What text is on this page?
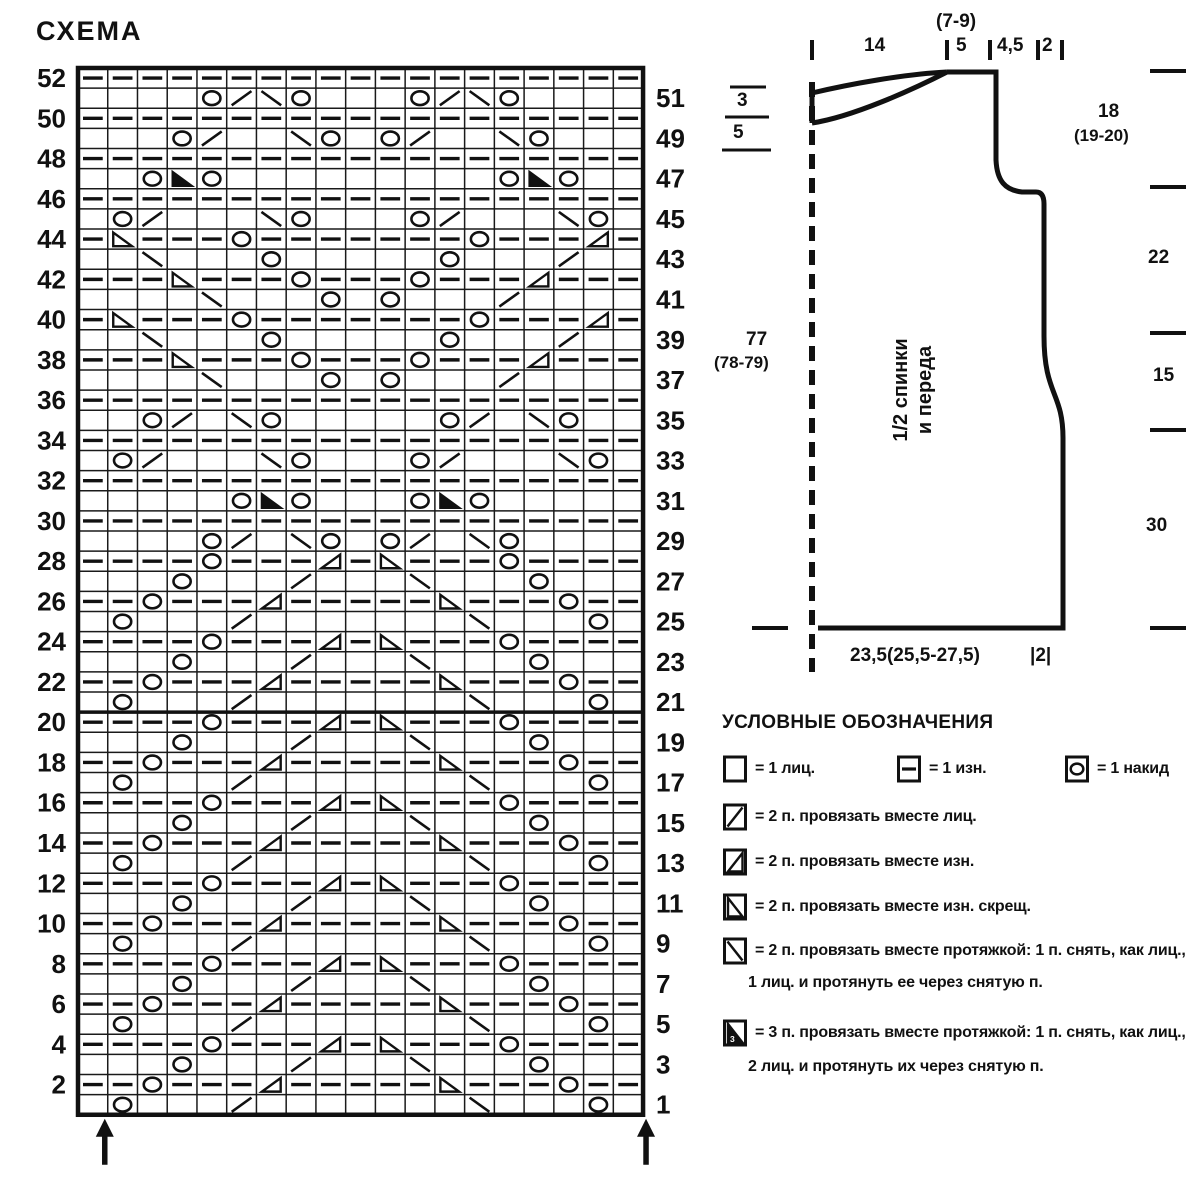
СХЕМА
52
50
48
46
44
42
40
38
36
34
32
30
28
26
24
22
20
18
16
14
12
10
8
6
4
2
51
49
47
45
43
41
39
37
35
33
31
29
27
25
23
21
19
17
15
13
11
9
7
5
3
1
(7-9)
14	5 4,5 2
3
5
77
(78-79)
18
(19-20)
22
15
30
23,5(25,5-27,5)	|2|
1/2 спинки и переда
УСЛОВНЫЕ ОБОЗНАЧЕНИЯ
= 1 лиц.	= 1 изн.	= 1 накид
= 2 п. провязать вместе лиц.
= 2 п. провязать вместе изн.
= 2 п. провязать вместе изн. скрещ.
= 2 п. провязать вместе протяжкой: 1 п. снять, как лиц.,
1 лиц. и протянуть ее через снятую п.
3 = 3 п. провязать вместе протяжкой: 1 п. снять, как лиц.,
2 лиц. и протянуть их через снятую п.
